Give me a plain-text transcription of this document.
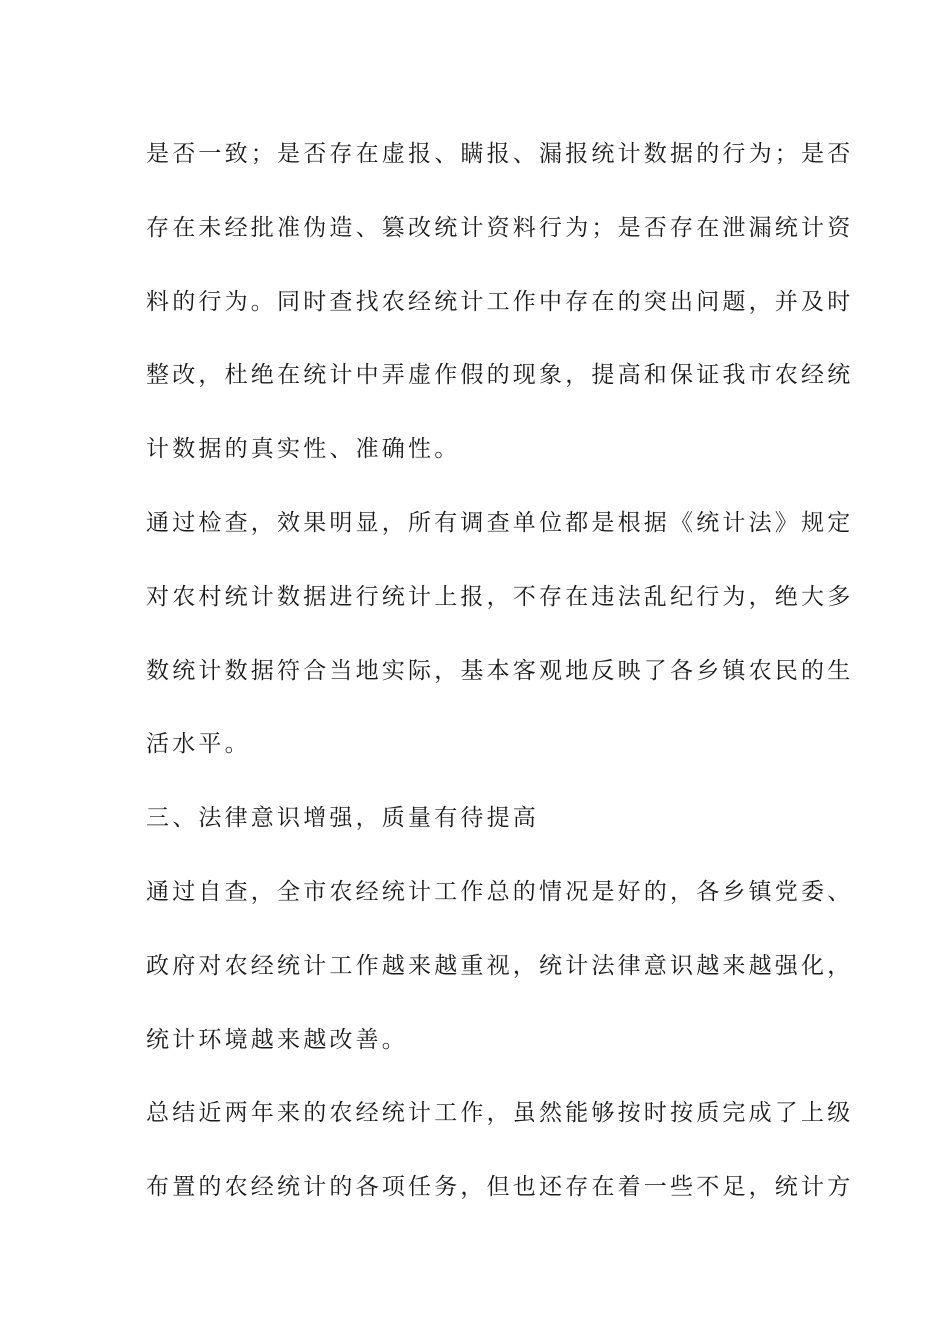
是否一致；是否存在虚报、瞒报、漏报统计数据的行为；是否
存在未经批准伪造、篡改统计资料行为；是否存在泄漏统计资
料的行为。同时查找农经统计工作中存在的突出问题，并及时
整改，杜绝在统计中弄虚作假的现象，提高和保证我市农经统
计数据的真实性、准确性。
通过检查，效果明显，所有调查单位都是根据《统计法》规定
对农村统计数据进行统计上报，不存在违法乱纪行为，绝大多
数统计数据符合当地实际，基本客观地反映了各乡镇农民的生
活水平。
三、法律意识增强，质量有待提高
通过自查，全市农经统计工作总的情况是好的，各乡镇党委、
政府对农经统计工作越来越重视，统计法律意识越来越强化，
统计环境越来越改善。
总结近两年来的农经统计工作，虽然能够按时按质完成了上级
布置的农经统计的各项任务，但也还存在着一些不足，统计方
